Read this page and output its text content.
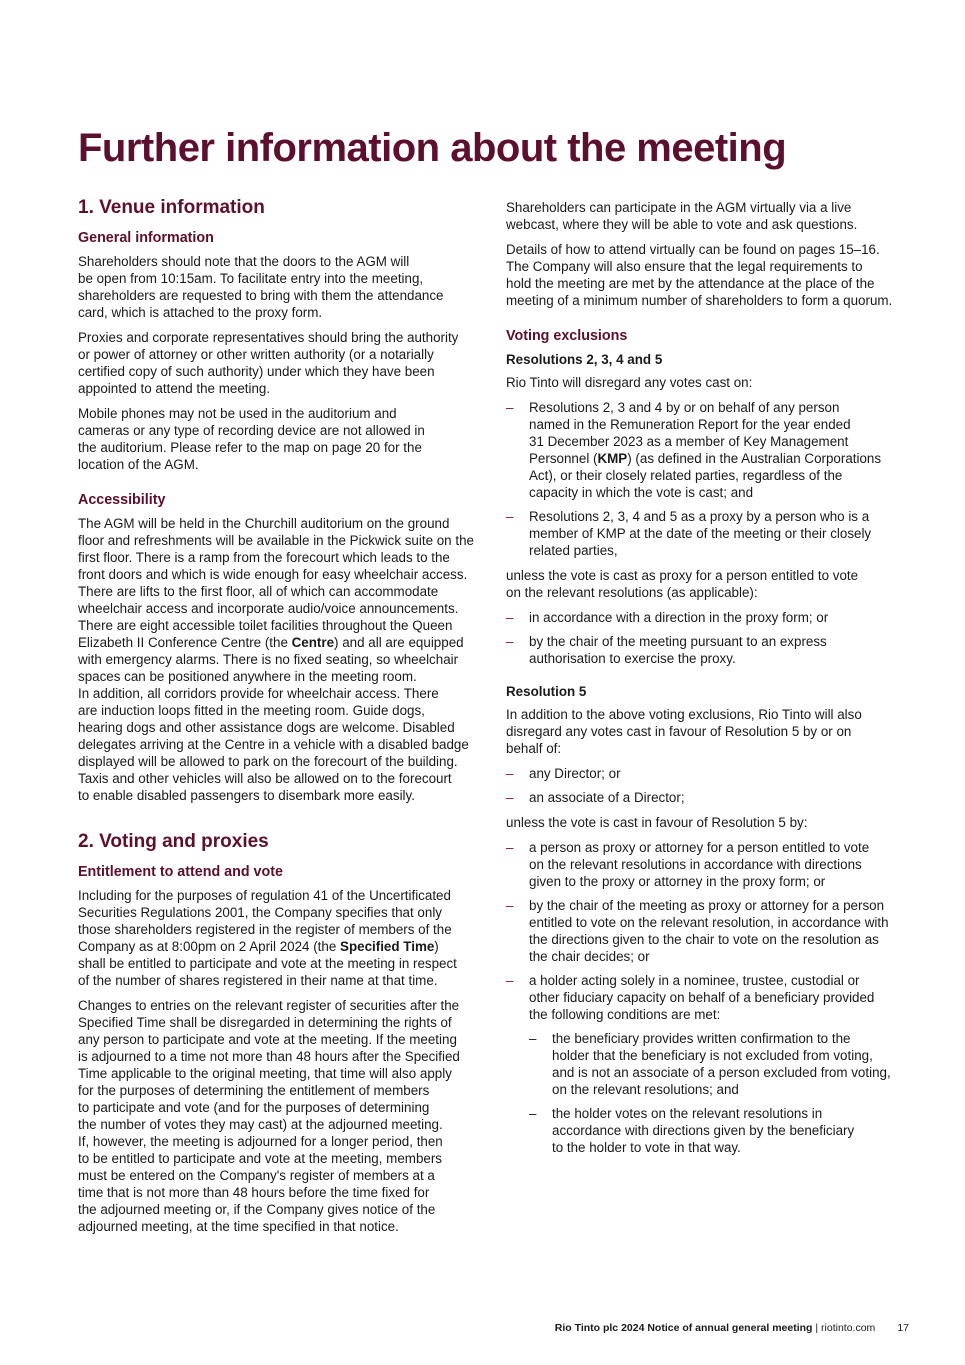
Further information about the meeting
1. Venue information
General information
Shareholders should note that the doors to the AGM will
be open from 10:15am. To facilitate entry into the meeting,
shareholders are requested to bring with them the attendance
card, which is attached to the proxy form.
Proxies and corporate representatives should bring the authority
or power of attorney or other written authority (or a notarially
certified copy of such authority) under which they have been
appointed to attend the meeting.
Mobile phones may not be used in the auditorium and
cameras or any type of recording device are not allowed in
the auditorium. Please refer to the map on page 20 for the
location of the AGM.
Accessibility
The AGM will be held in the Churchill auditorium on the ground
floor and refreshments will be available in the Pickwick suite on the
first floor. There is a ramp from the forecourt which leads to the
front doors and which is wide enough for easy wheelchair access.
There are lifts to the first floor, all of which can accommodate
wheelchair access and incorporate audio/voice announcements.
There are eight accessible toilet facilities throughout the Queen
Elizabeth II Conference Centre (the Centre) and all are equipped
with emergency alarms. There is no fixed seating, so wheelchair
spaces can be positioned anywhere in the meeting room.
In addition, all corridors provide for wheelchair access. There
are induction loops fitted in the meeting room. Guide dogs,
hearing dogs and other assistance dogs are welcome. Disabled
delegates arriving at the Centre in a vehicle with a disabled badge
displayed will be allowed to park on the forecourt of the building.
Taxis and other vehicles will also be allowed on to the forecourt
to enable disabled passengers to disembark more easily.
2. Voting and proxies
Entitlement to attend and vote
Including for the purposes of regulation 41 of the Uncertificated
Securities Regulations 2001, the Company specifies that only
those shareholders registered in the register of members of the
Company as at 8:00pm on 2 April 2024 (the Specified Time)
shall be entitled to participate and vote at the meeting in respect
of the number of shares registered in their name at that time.
Changes to entries on the relevant register of securities after the
Specified Time shall be disregarded in determining the rights of
any person to participate and vote at the meeting. If the meeting
is adjourned to a time not more than 48 hours after the Specified
Time applicable to the original meeting, that time will also apply
for the purposes of determining the entitlement of members
to participate and vote (and for the purposes of determining
the number of votes they may cast) at the adjourned meeting.
If, however, the meeting is adjourned for a longer period, then
to be entitled to participate and vote at the meeting, members
must be entered on the Company's register of members at a
time that is not more than 48 hours before the time fixed for
the adjourned meeting or, if the Company gives notice of the
adjourned meeting, at the time specified in that notice.
Shareholders can participate in the AGM virtually via a live
webcast, where they will be able to vote and ask questions.
Details of how to attend virtually can be found on pages 15–16.
The Company will also ensure that the legal requirements to
hold the meeting are met by the attendance at the place of the
meeting of a minimum number of shareholders to form a quorum.
Voting exclusions
Resolutions 2, 3, 4 and 5
Rio Tinto will disregard any votes cast on:
– Resolutions 2, 3 and 4 by or on behalf of any person
named in the Remuneration Report for the year ended
31 December 2023 as a member of Key Management
Personnel (KMP) (as defined in the Australian Corporations
Act), or their closely related parties, regardless of the
capacity in which the vote is cast; and
– Resolutions 2, 3, 4 and 5 as a proxy by a person who is a
member of KMP at the date of the meeting or their closely
related parties,
unless the vote is cast as proxy for a person entitled to vote
on the relevant resolutions (as applicable):
– in accordance with a direction in the proxy form; or
– by the chair of the meeting pursuant to an express
authorisation to exercise the proxy.
Resolution 5
In addition to the above voting exclusions, Rio Tinto will also
disregard any votes cast in favour of Resolution 5 by or on
behalf of:
– any Director; or
– an associate of a Director;
unless the vote is cast in favour of Resolution 5 by:
– a person as proxy or attorney for a person entitled to vote
on the relevant resolutions in accordance with directions
given to the proxy or attorney in the proxy form; or
– by the chair of the meeting as proxy or attorney for a person
entitled to vote on the relevant resolution, in accordance with
the directions given to the chair to vote on the resolution as
the chair decides; or
– a holder acting solely in a nominee, trustee, custodial or
other fiduciary capacity on behalf of a beneficiary provided
the following conditions are met:
– the beneficiary provides written confirmation to the
holder that the beneficiary is not excluded from voting,
and is not an associate of a person excluded from voting,
on the relevant resolutions; and
– the holder votes on the relevant resolutions in
accordance with directions given by the beneficiary
to the holder to vote in that way.
Rio Tinto plc 2024 Notice of annual general meeting | riotinto.com 17
